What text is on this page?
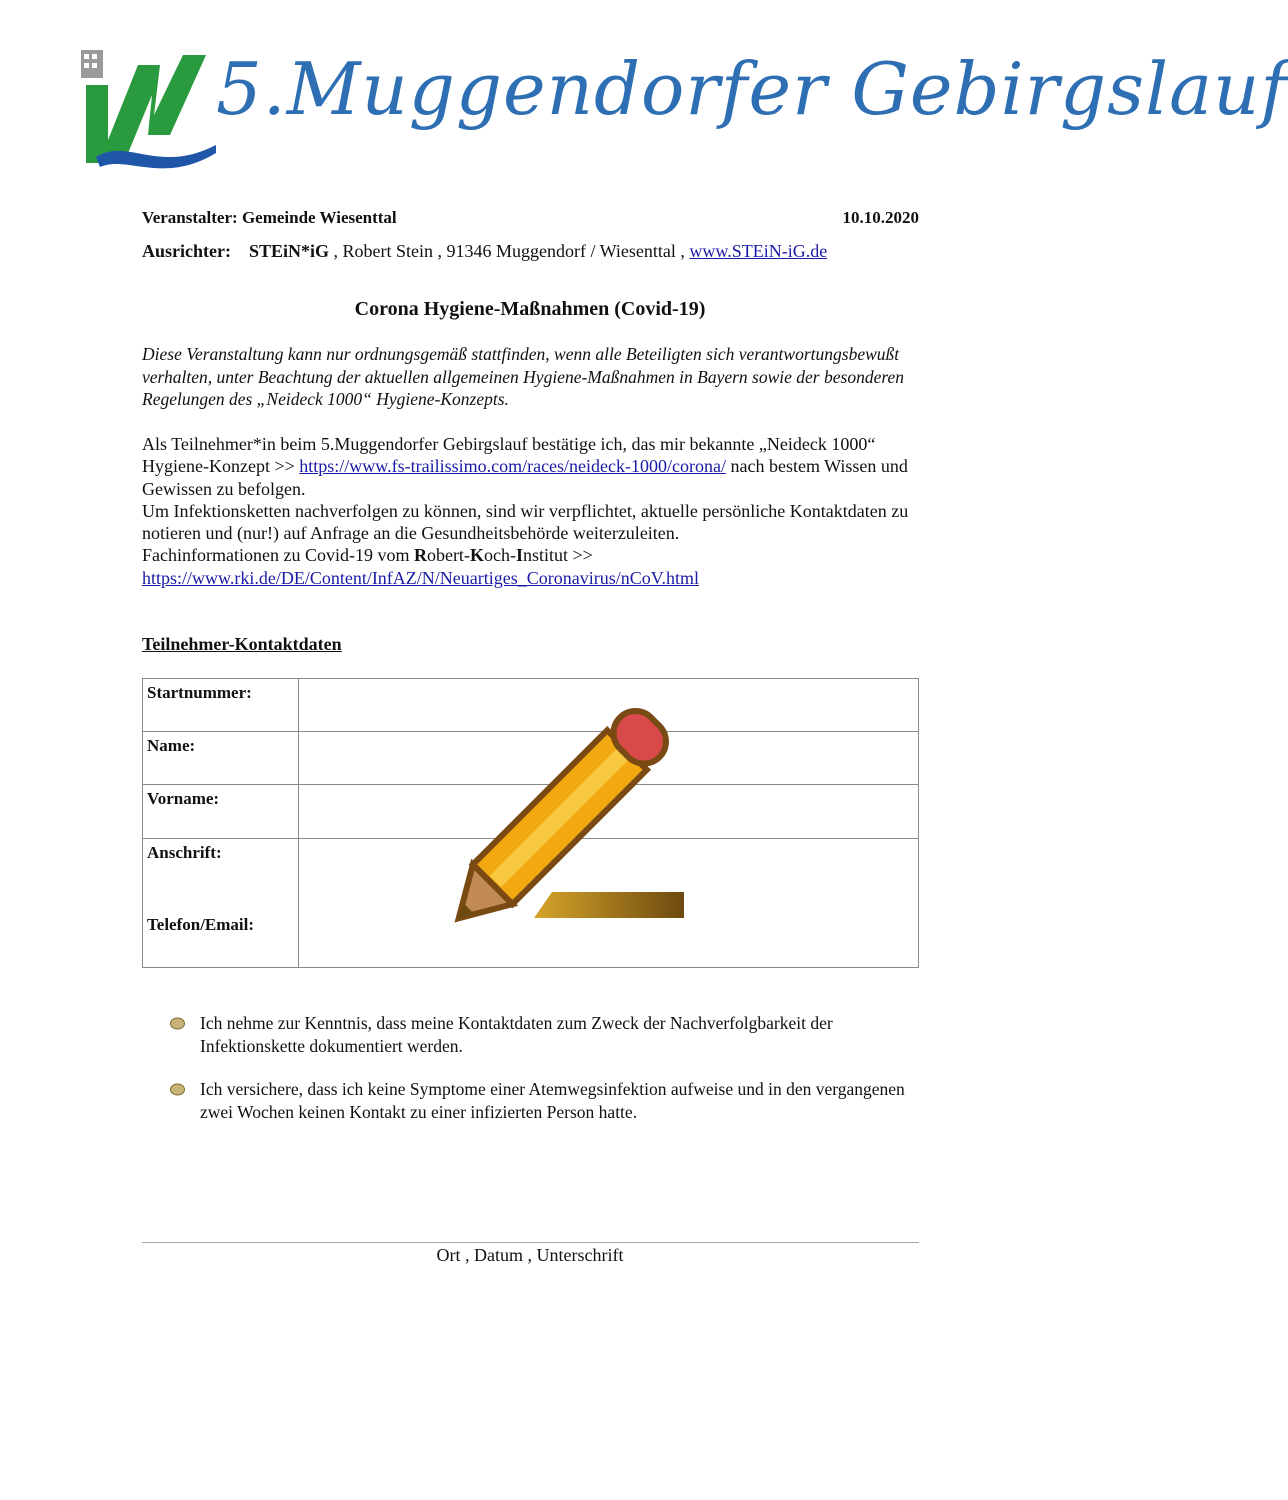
5.Muggendorfer Gebirgslauf
Veranstalter: Gemeinde Wiesenttal	10.10.2020
Ausrichter: STEiN*iG , Robert Stein , 91346 Muggendorf / Wiesenttal , www.STEiN-iG.de
Corona Hygiene-Maßnahmen (Covid-19)
Diese Veranstaltung kann nur ordnungsgemäß stattfinden, wenn alle Beteiligten sich verantwortungsbewußt verhalten, unter Beachtung der aktuellen allgemeinen Hygiene-Maßnahmen in Bayern sowie der besonderen Regelungen des „Neideck 1000“ Hygiene-Konzepts.

Als Teilnehmer*in beim 5.Muggendorfer Gebirgslauf bestätige ich, das mir bekannte „Neideck 1000“ Hygiene-Konzept >> https://www.fs-trailissimo.com/races/neideck-1000/corona/ nach bestem Wissen und Gewissen zu befolgen.

Um Infektionsketten nachverfolgen zu können, sind wir verpflichtet, aktuelle persönliche Kontaktdaten zu notieren und (nur!) auf Anfrage an die Gesundheitsbehörde weiterzuleiten.

Fachinformationen zu Covid-19 vom Robert-Koch-Institut >>
https://www.rki.de/DE/Content/InfAZ/N/Neuartiges_Coronavirus/nCoV.html

Teilnehmer-Kontaktdaten
Startnummer:	
Name:	
Vorname:	

Anschrift:
Telefon/Email:	

Ich nehme zur Kenntnis, dass meine Kontaktdaten zum Zweck der Nachverfolgbarkeit der Infektionskette dokumentiert werden.
Ich versichere, dass ich keine Symptome einer Atemwegsinfektion aufweise und in den vergangenen zwei Wochen keinen Kontakt zu einer infizierten Person hatte.
Ort , Datum , Unterschrift
